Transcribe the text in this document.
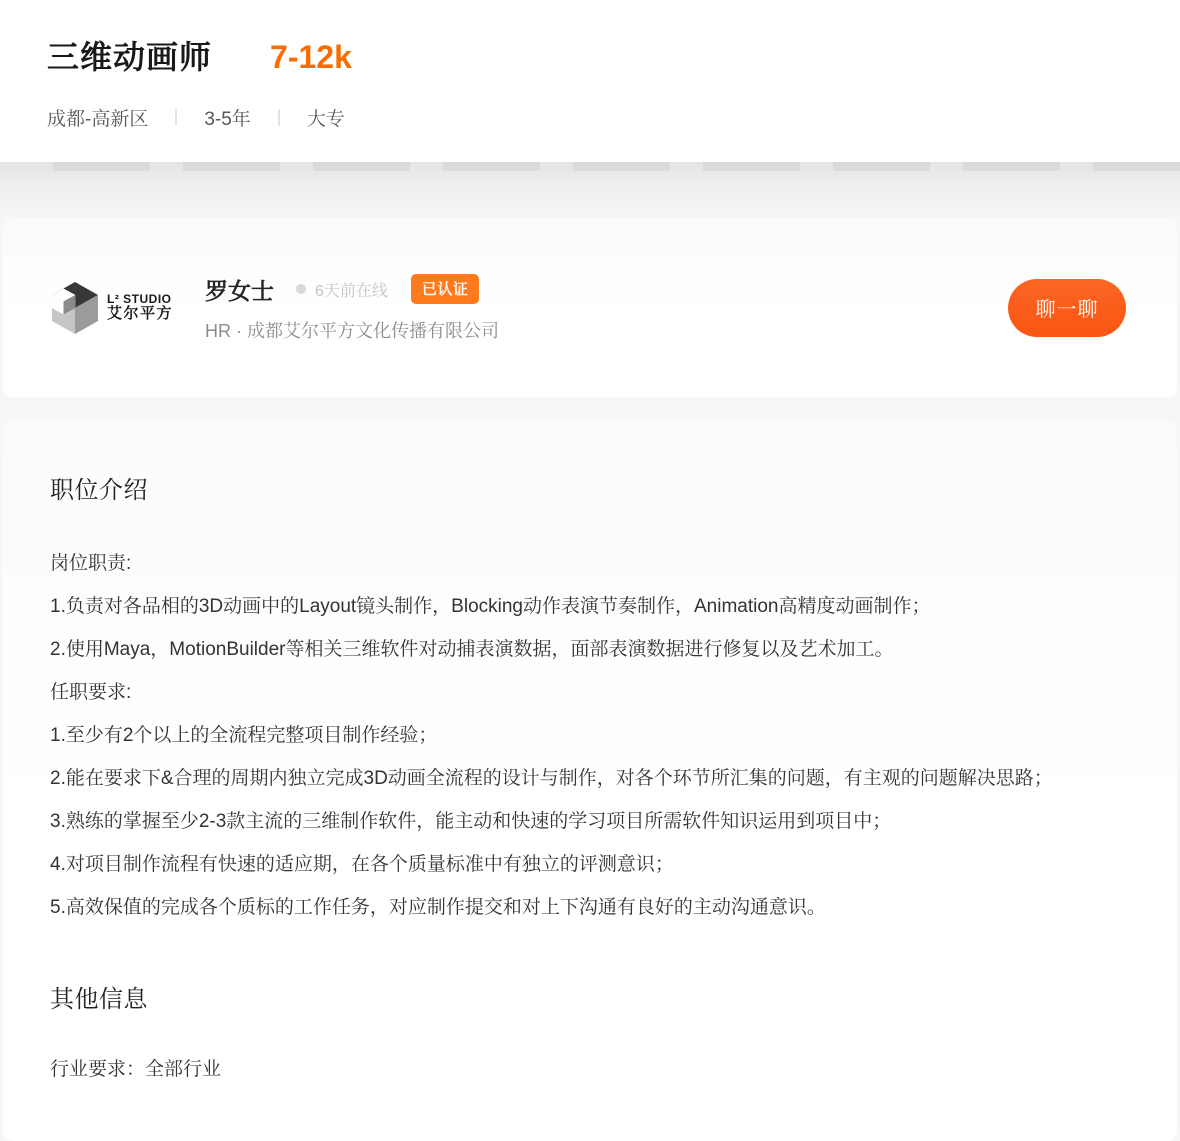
三维动画师 7-12k
成都-高新区	3-5年	大专
L² STUDIO
艾尔平方
罗女士	6天前在线	已认证
HR · 成都艾尔平方文化传播有限公司
聊一聊
职位介绍

岗位职责:

1.负责对各品相的3D动画中的Layout镜头制作，Blocking动作表演节奏制作，Animation高精度动画制作；

2.使用Maya，MotionBuilder等相关三维软件对动捕表演数据，面部表演数据进行修复以及艺术加工。

任职要求:

1.至少有2个以上的全流程完整项目制作经验；

2.能在要求下&合理的周期内独立完成3D动画全流程的设计与制作，对各个环节所汇集的问题，有主观的问题解决思路；

3.熟练的掌握至少2-3款主流的三维制作软件，能主动和快速的学习项目所需软件知识运用到项目中；

4.对项目制作流程有快速的适应期，在各个质量标准中有独立的评测意识；

5.高效保值的完成各个质标的工作任务，对应制作提交和对上下沟通有良好的主动沟通意识。

其他信息

行业要求：全部行业
